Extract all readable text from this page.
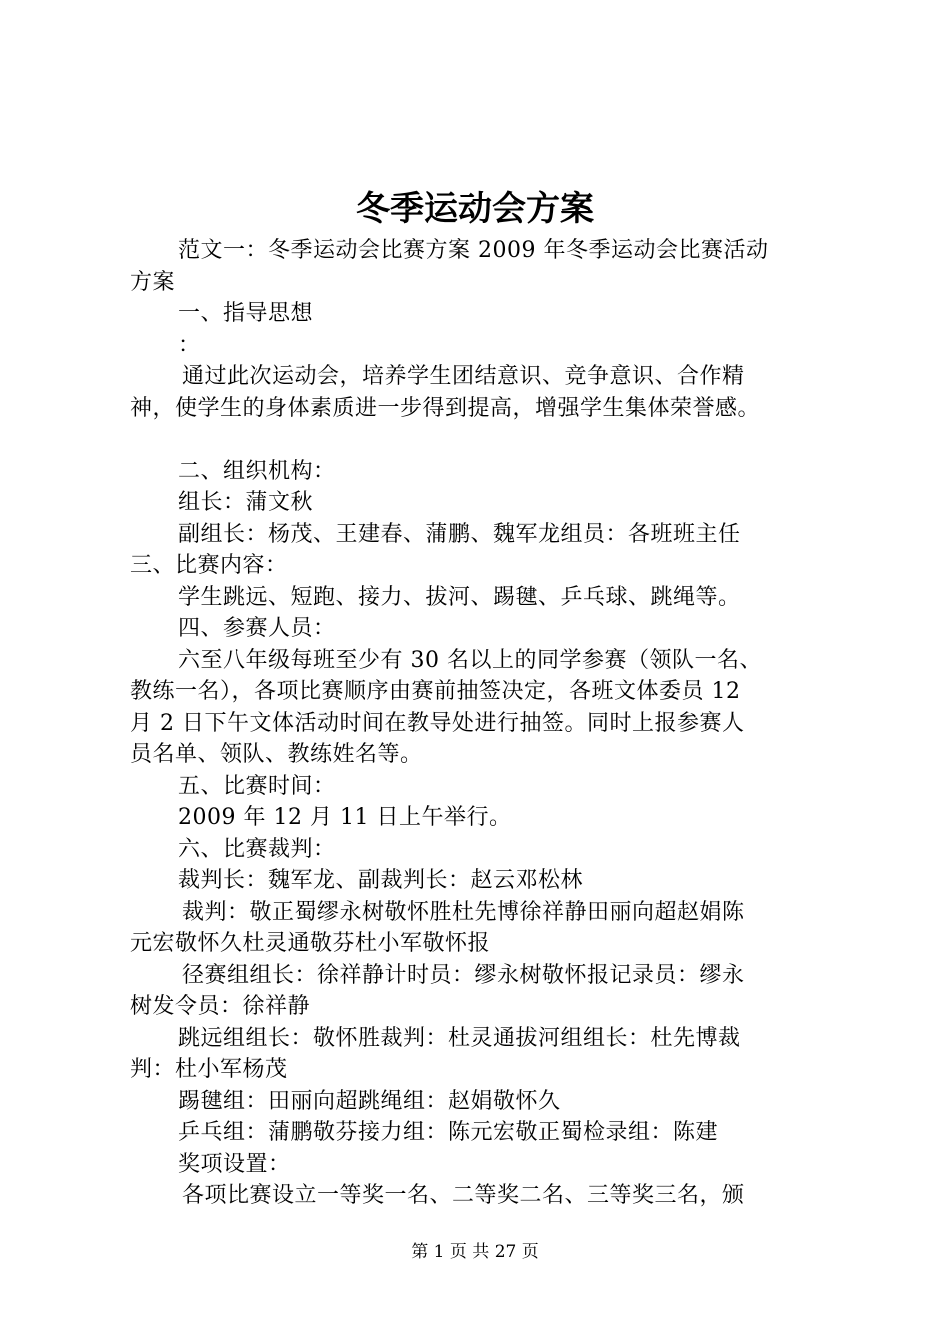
冬季运动会方案
范文一：冬季运动会比赛方案 2009 年冬季运动会比赛活动
方案
一、指导思想
：
通过此次运动会，培养学生团结意识、竞争意识、合作精
神，使学生的身体素质进一步得到提高，增强学生集体荣誉感。
二、组织机构：
组长：蒲文秋
副组长：杨茂、王建春、蒲鹏、魏军龙组员：各班班主任
三、比赛内容：
学生跳远、短跑、接力、拔河、踢毽、乒乓球、跳绳等。
四、参赛人员：
六至八年级每班至少有 30 名以上的同学参赛（领队一名、
教练一名），各项比赛顺序由赛前抽签决定，各班文体委员 12
月 2 日下午文体活动时间在教导处进行抽签。同时上报参赛人
员名单、领队、教练姓名等。
五、比赛时间：
2009 年 12 月 11 日上午举行。
六、比赛裁判：
裁判长：魏军龙、副裁判长：赵云邓松林
裁判：敬正蜀缪永树敬怀胜杜先博徐祥静田丽向超赵娟陈
元宏敬怀久杜灵通敬芬杜小军敬怀报
径赛组组长：徐祥静计时员：缪永树敬怀报记录员：缪永
树发令员：徐祥静
跳远组组长：敬怀胜裁判：杜灵通拔河组组长：杜先博裁
判：杜小军杨茂
踢毽组：田丽向超跳绳组：赵娟敬怀久
乒乓组：蒲鹏敬芬接力组：陈元宏敬正蜀检录组：陈建
奖项设置：
各项比赛设立一等奖一名、二等奖二名、三等奖三名，颁
第 1 页 共 27 页
